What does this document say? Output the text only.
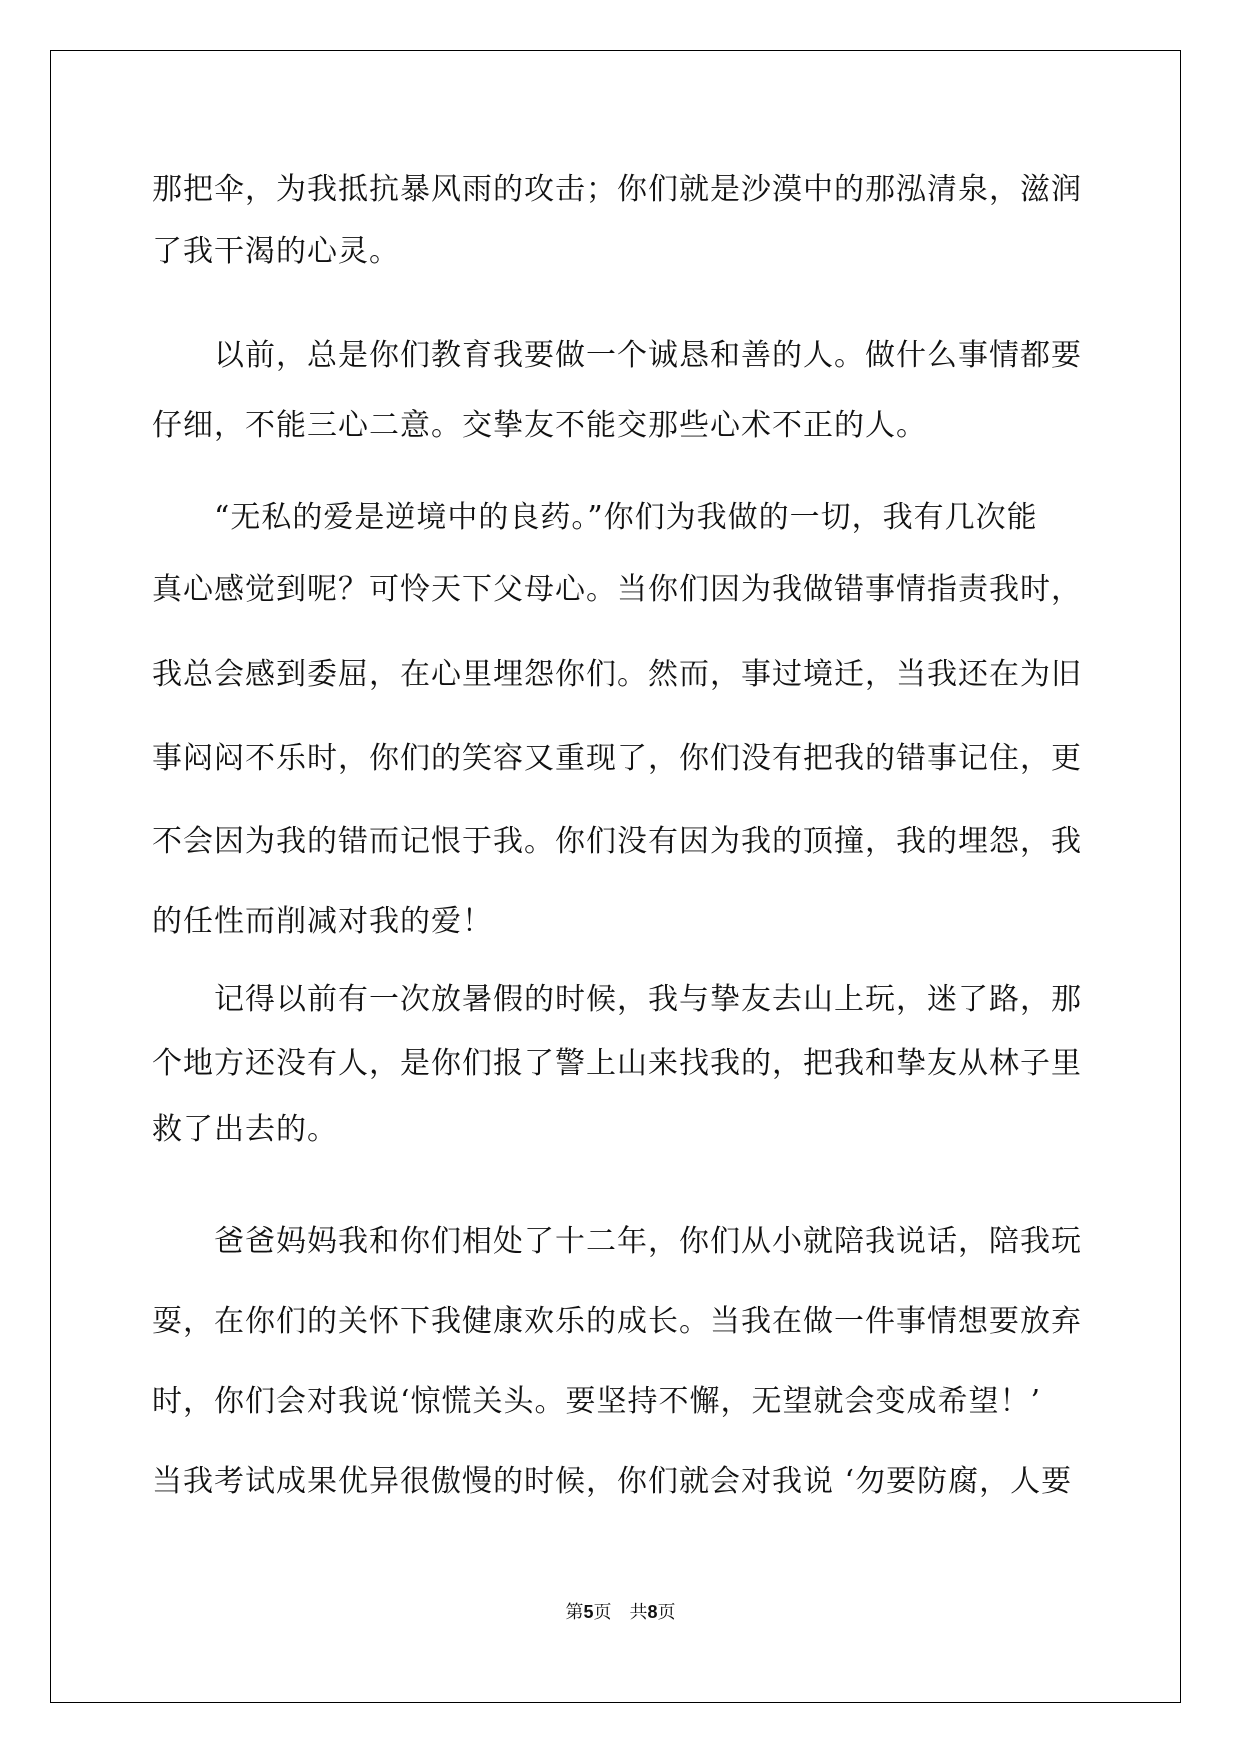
那把伞，为我抵抗暴风雨的攻击；你们就是沙漠中的那泓清泉，滋润
了我干渴的心灵。
　　以前，总是你们教育我要做一个诚恳和善的人。做什么事情都要
仔细，不能三心二意。交挚友不能交那些心术不正的人。
　　“无私的爱是逆境中的良药。”你们为我做的一切，我有几次能
真心感觉到呢？可怜天下父母心。当你们因为我做错事情指责我时，
我总会感到委屈，在心里埋怨你们。然而，事过境迁，当我还在为旧
事闷闷不乐时，你们的笑容又重现了，你们没有把我的错事记住，更
不会因为我的错而记恨于我。你们没有因为我的顶撞，我的埋怨，我
的任性而削减对我的爱！
　　记得以前有一次放暑假的时候，我与挚友去山上玩，迷了路，那
个地方还没有人，是你们报了警上山来找我的，把我和挚友从林子里
救了出去的。
　　爸爸妈妈我和你们相处了十二年，你们从小就陪我说话，陪我玩
耍，在你们的关怀下我健康欢乐的成长。当我在做一件事情想要放弃
时，你们会对我说‘惊慌关头。要坚持不懈，无望就会变成希望！’
当我考试成果优异很傲慢的时候，你们就会对我说 ‘勿要防腐，人要
第5页　共8页
